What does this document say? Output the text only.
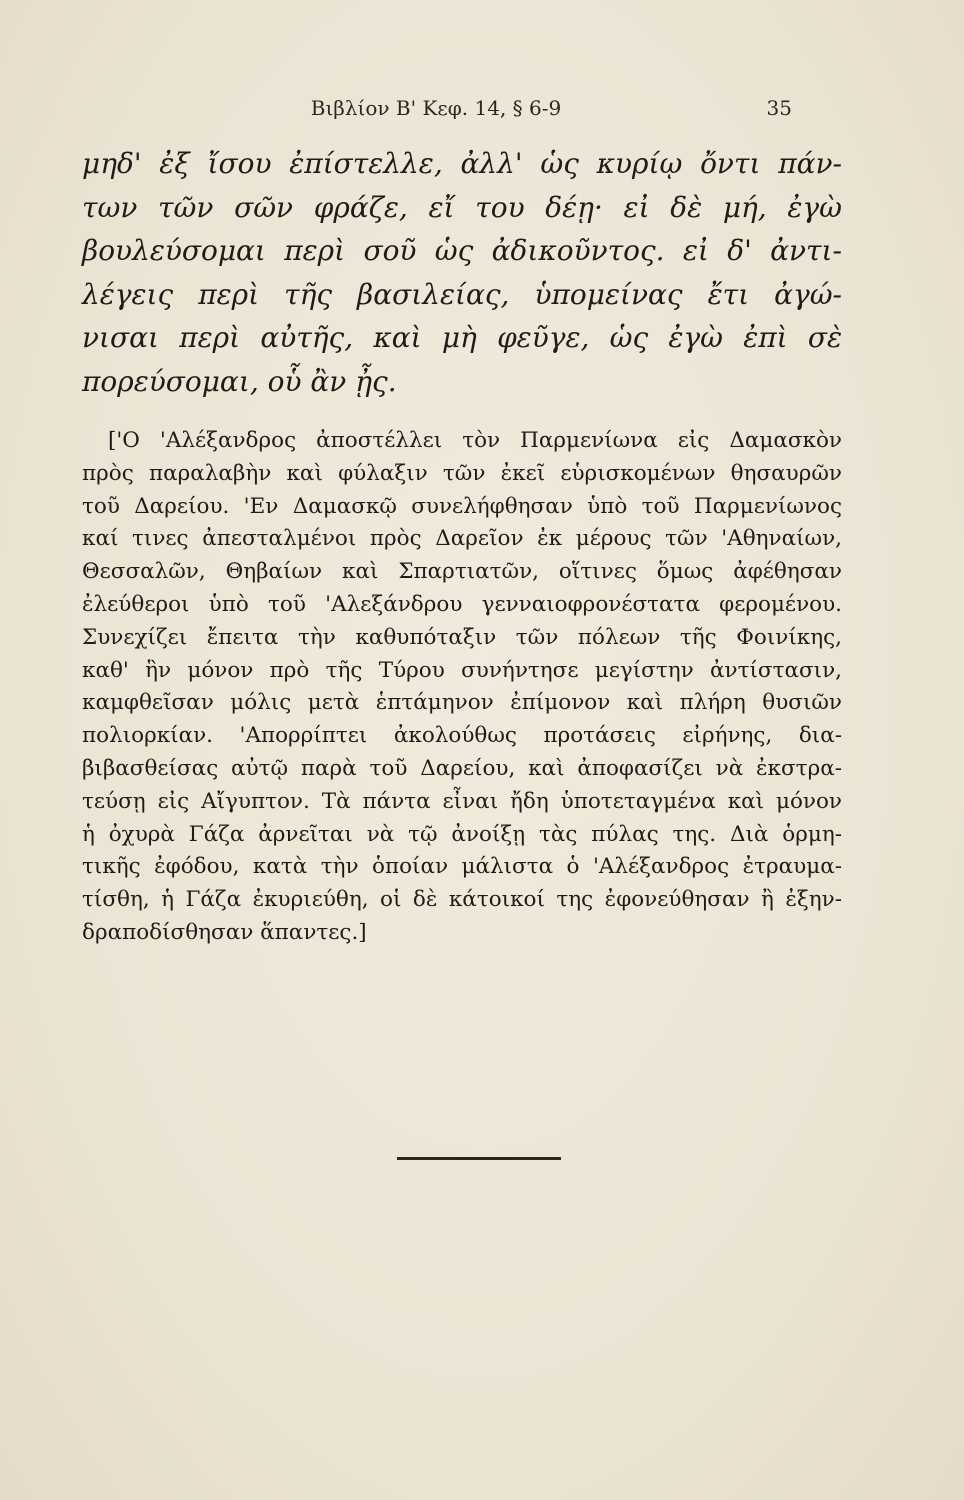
Βιβλίον Β' Κεφ. 14, § 6-9	35
μηδ' ἐξ ἴσου ἐπίστελλε, ἀλλ' ὡς κυρίῳ ὄντι πάν-
των τῶν σῶν φράζε, εἴ του δέῃ· εἰ δὲ μή, ἐγὼ
βουλεύσομαι περὶ σοῦ ὡς ἀδικοῦντος. εἰ δ' ἀντι-
λέγεις περὶ τῆς βασιλείας, ὑπομείνας ἔτι ἀγώ-
νισαι περὶ αὐτῆς, καὶ μὴ φεῦγε, ὡς ἐγὼ ἐπὶ σὲ
πορεύσομαι, οὗ ἂν ᾖς.
['Ο 'Αλέξανδρος ἀποστέλλει τὸν Παρμενίωνα εἰς Δαμασκὸν
πρὸς παραλαβὴν καὶ φύλαξιν τῶν ἐκεῖ εὑρισκομένων θησαυρῶν
τοῦ Δαρείου. 'Εν Δαμασκῷ συνελήφθησαν ὑπὸ τοῦ Παρμενίωνος
καί τινες ἀπεσταλμένοι πρὸς Δαρεῖον ἐκ μέρους τῶν 'Αθηναίων,
Θεσσαλῶν, Θηβαίων καὶ Σπαρτιατῶν, οἵτινες ὅμως ἀφέθησαν
ἐλεύθεροι ὑπὸ τοῦ 'Αλεξάνδρου γενναιοφρονέστατα φερομένου.
Συνεχίζει ἔπειτα τὴν καθυπόταξιν τῶν πόλεων τῆς Φοινίκης,
καθ' ἣν μόνον πρὸ τῆς Τύρου συνήντησε μεγίστην ἀντίστασιν,
καμφθεῖσαν μόλις μετὰ ἑπτάμηνον ἐπίμονον καὶ πλήρη θυσιῶν
πολιορκίαν. 'Απορρίπτει ἀκολούθως προτάσεις εἰρήνης, δια-
βιβασθείσας αὐτῷ παρὰ τοῦ Δαρείου, καὶ ἀποφασίζει νὰ ἐκστρα-
τεύσῃ εἰς Αἴγυπτον. Τὰ πάντα εἶναι ἤδη ὑποτεταγμένα καὶ μόνον
ἡ ὀχυρὰ Γάζα ἀρνεῖται νὰ τῷ ἀνοίξῃ τὰς πύλας της. Διὰ ὁρμη-
τικῆς ἐφόδου, κατὰ τὴν ὁποίαν μάλιστα ὁ 'Αλέξανδρος ἐτραυμα-
τίσθη, ἡ Γάζα ἐκυριεύθη, οἱ δὲ κάτοικοί της ἐφονεύθησαν ἢ ἐξην-
δραποδίσθησαν ἅπαντες.]
